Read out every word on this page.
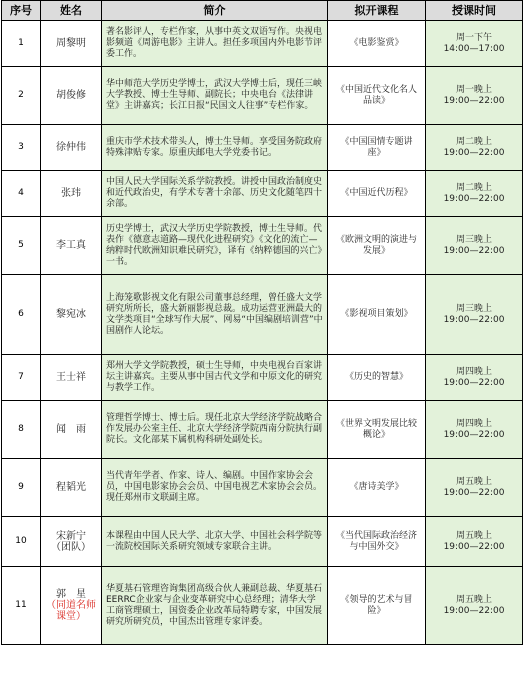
序号	姓名	简介	拟开课程	授课时间
1	周黎明	著名影评人，专栏作家，从事中英文双语写作。央视电影频道《周游电影》主讲人。担任多项国内外电影节评委工作。	《电影鉴赏》	周一下午
14:00—17:00

2	胡俊修	华中师范大学历史学博士，武汉大学博士后，现任三峡大学教授、博士生导师、副院长；中央电台《法律讲堂》主讲嘉宾；长江日报“民国文人往事”专栏作家。	《中国近代文化名人品读》	周一晚上
19:00—22:00

3	徐仲伟	重庆市学术技术带头人，博士生导师。享受国务院政府特殊津贴专家。原重庆邮电大学党委书记。	《中国国情专题讲座》	周二晚上
19:00—22:00

4	张玮	中国人民大学国际关系学院教授。讲授中国政治制度史和近代政治史，有学术专著十余部、历史文化随笔四十余部。	《中国近代历程》	周二晚上
19:00—22:00

5	李工真	历史学博士，武汉大学历史学院教授，博士生导师。代表作《德意志道路—现代化进程研究》《文化的流亡—纳粹时代欧洲知识难民研究》，译有《纳粹德国的兴亡》一书。	《欧洲文明的演进与发展》	周三晚上
19:00—22:00

6	黎宛冰	上海笼歌影视文化有限公司董事总经理，曾任盛大文学研究所所长，盛大新丽影视总裁。成功运营亚洲最大的文学类项目“全球写作大展”、网易“中国编剧培训营”中国剧作人论坛。	《影视项目策划》	周三晚上
19:00—22:00

7	王士祥	郑州大学文学院教授，硕士生导师，中央电视台百家讲坛主讲嘉宾。主要从事中国古代文学和中原文化的研究与教学工作。	《历史的智慧》	周四晚上
19:00—22:00

8	闻　雨	管理哲学博士、博士后。现任北京大学经济学院战略合作发展办公室主任、北京大学经济学院西南分院执行副院长。文化部某下属机构科研处副处长。	《世界文明发展比较概论》	周四晚上
19:00—22:00

9	程韬光	当代青年学者、作家、诗人、编剧。中国作家协会会员，中国电影家协会会员、中国电视艺术家协会会员。现任郑州市文联副主席。	《唐诗美学》	周五晚上
19:00—22:00

10	宋新宁
（团队）	本课程由中国人民大学、北京大学、中国社会科学院等一流院校国际关系研究领域专家联合主讲。	《当代国际政治经济与中国外交》	周五晚上
19:00—22:00

11	郭　星
（同道名师课堂）	华夏基石管理咨询集团高级合伙人兼副总裁、华夏基石EERRC企业家与企业变革研究中心总经理；清华大学工商管理硕士，国资委企业改革局特聘专家，中国发展研究所研究员，中国杰出管理专家评委。	《领导的艺术与冒险》	周五晚上
19:00—22:00
